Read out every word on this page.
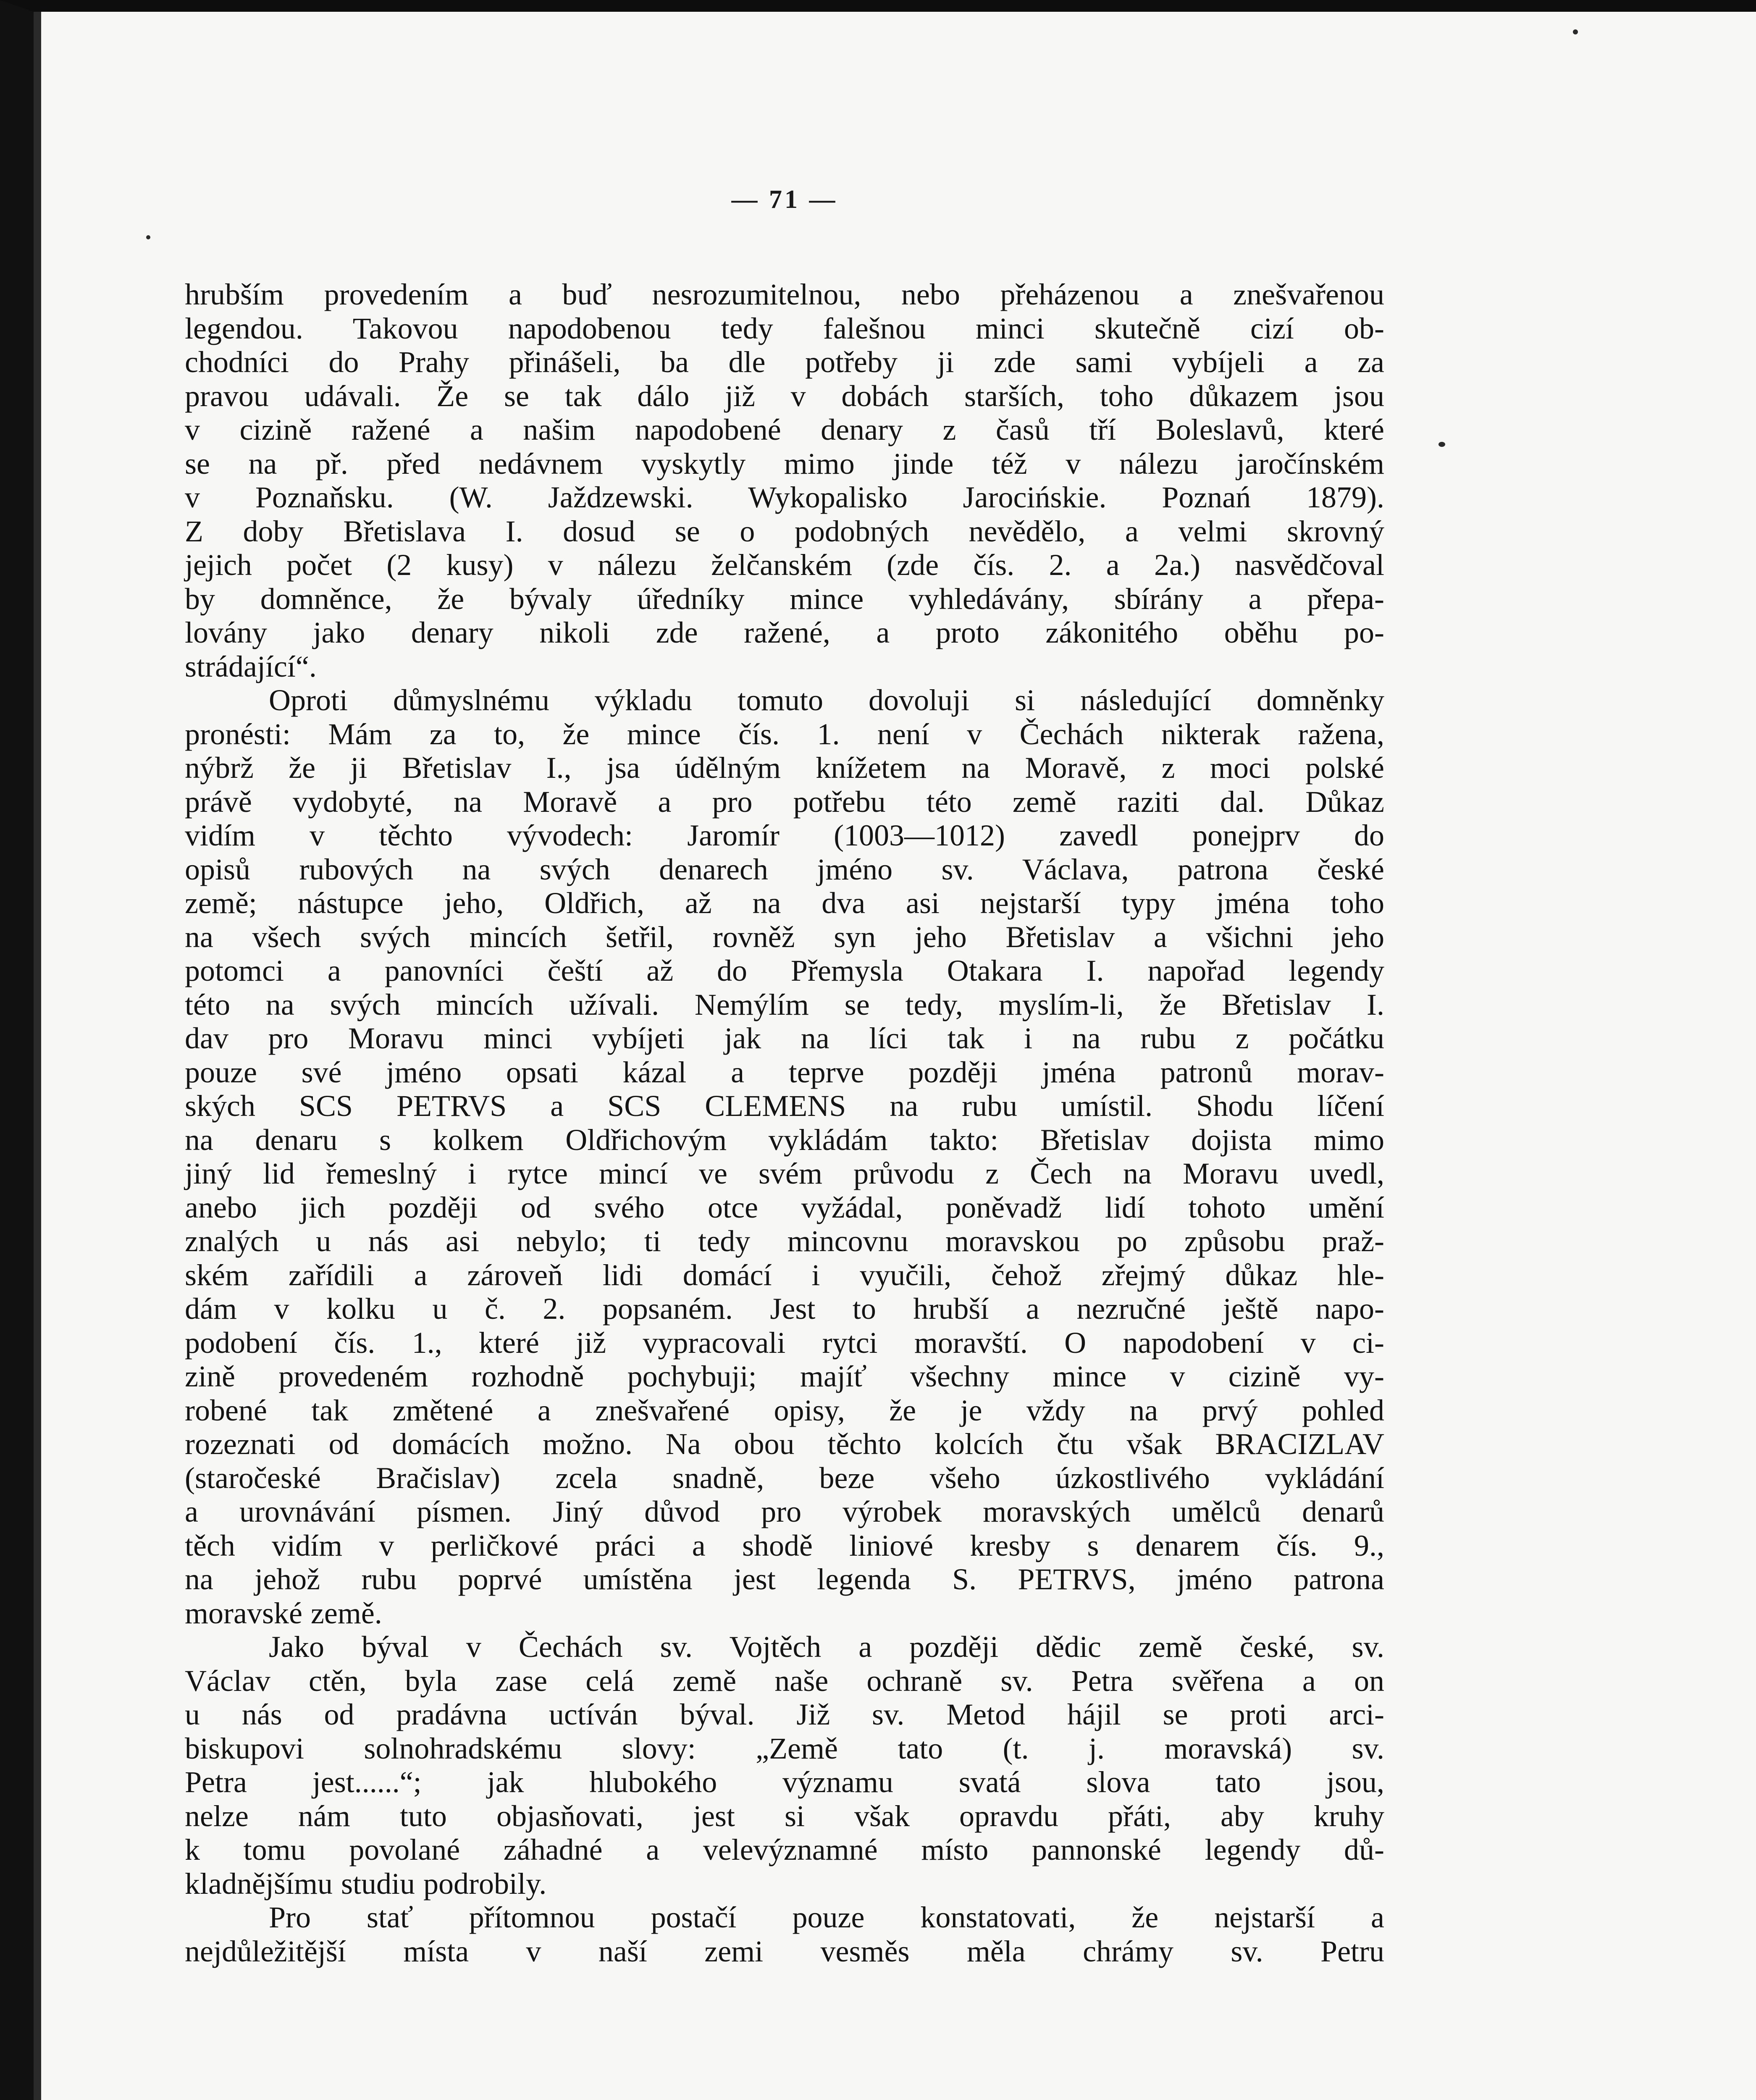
— 71 —

hrubším provedením a buď nesrozumitelnou, nebo přeházenou a znešvařenou

legendou. Takovou napodobenou tedy falešnou minci skutečně cizí ob-

chodníci do Prahy přinášeli, ba dle potřeby ji zde sami vybíjeli a za

pravou udávali. Že se tak dálo již v dobách starších, toho důkazem jsou

v cizině ražené a našim napodobené denary z časů tří Boleslavů, které

se na př. před nedávnem vyskytly mimo jinde též v nálezu jaročínském

v Poznaňsku. (W. Jaždzewski. Wykopalisko Jarocińskie. Poznań 1879).

Z doby Břetislava I. dosud se o podobných nevědělo, a velmi skrovný

jejich počet (2 kusy) v nálezu želčanském (zde čís. 2. a 2a.) nasvědčoval

by domněnce, že bývaly úředníky mince vyhledávány, sbírány a přepa-

lovány jako denary nikoli zde ražené, a proto zákonitého oběhu po-

strádající“.

Oproti důmyslnému výkladu tomuto dovoluji si následující domněnky

pronésti: Mám za to, že mince čís. 1. není v Čechách nikterak ražena,

nýbrž že ji Břetislav I., jsa údělným knížetem na Moravě, z moci polské

právě vydobyté, na Moravě a pro potřebu této země raziti dal. Důkaz

vidím v těchto vývodech: Jaromír (1003—1012) zavedl ponejprv do

opisů rubových na svých denarech jméno sv. Václava, patrona české

země; nástupce jeho, Oldřich, až na dva asi nejstarší typy jména toho

na všech svých mincích šetřil, rovněž syn jeho Břetislav a všichni jeho

potomci a panovníci čeští až do Přemysla Otakara I. napořad legendy

této na svých mincích užívali. Nemýlím se tedy, myslím-li, že Břetislav I.

dav pro Moravu minci vybíjeti jak na líci tak i na rubu z počátku

pouze své jméno opsati kázal a teprve později jména patronů morav-

ských SCS PETRVS a SCS CLEMENS na rubu umístil. Shodu líčení

na denaru s kolkem Oldřichovým vykládám takto: Břetislav dojista mimo

jiný lid řemeslný i rytce mincí ve svém průvodu z Čech na Moravu uvedl,

anebo jich později od svého otce vyžádal, poněvadž lidí tohoto umění

znalých u nás asi nebylo; ti tedy mincovnu moravskou po způsobu praž-

ském zařídili a zároveň lidi domácí i vyučili, čehož zřejmý důkaz hle-

dám v kolku u č. 2. popsaném. Jest to hrubší a nezručné ještě napo-

podobení čís. 1., které již vypracovali rytci moravští. O napodobení v ci-

zině provedeném rozhodně pochybuji; majíť všechny mince v cizině vy-

robené tak změtené a znešvařené opisy, že je vždy na prvý pohled

rozeznati od domácích možno. Na obou těchto kolcích čtu však BRACIZLAV

(staročeské Bračislav) zcela snadně, beze všeho úzkostlivého vykládání

a urovnávání písmen. Jiný důvod pro výrobek moravských umělců denarů

těch vidím v perličkové práci a shodě liniové kresby s denarem čís. 9.,

na jehož rubu poprvé umístěna jest legenda S. PETRVS, jméno patrona

moravské země.

Jako býval v Čechách sv. Vojtěch a později dědic země české, sv.

Václav ctěn, byla zase celá země naše ochraně sv. Petra svěřena a on

u nás od pradávna uctíván býval. Již sv. Metod hájil se proti arci-

biskupovi solnohradskému slovy: „Země tato (t. j. moravská) sv.

Petra jest......“; jak hlubokého významu svatá slova tato jsou,

nelze nám tuto objasňovati, jest si však opravdu přáti, aby kruhy

k tomu povolané záhadné a velevýznamné místo pannonské legendy dů-

kladnějšímu studiu podrobily.

Pro stať přítomnou postačí pouze konstatovati, že nejstarší a

nejdůležitější místa v naší zemi vesměs měla chrámy sv. Petru
